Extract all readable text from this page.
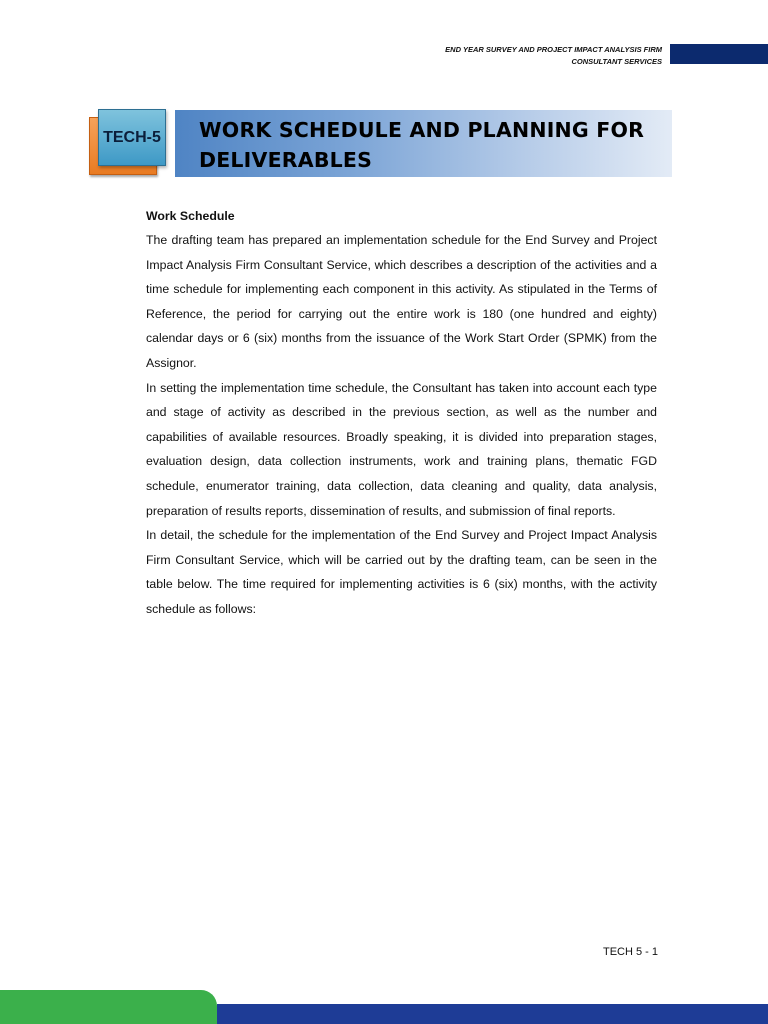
END YEAR SURVEY AND PROJECT IMPACT ANALYSIS FIRM
CONSULTANT SERVICES
TECH-5 WORK SCHEDULE AND PLANNING FOR DELIVERABLES
Work Schedule

The drafting team has prepared an implementation schedule for the End Survey and Project Impact Analysis Firm Consultant Service, which describes a description of the activities and a time schedule for implementing each component in this activity. As stipulated in the Terms of Reference, the period for carrying out the entire work is 180 (one hundred and eighty) calendar days or 6 (six) months from the issuance of the Work Start Order (SPMK) from the Assignor.

In setting the implementation time schedule, the Consultant has taken into account each type and stage of activity as described in the previous section, as well as the number and capabilities of available resources. Broadly speaking, it is divided into preparation stages, evaluation design, data collection instruments, work and training plans, thematic FGD schedule, enumerator training, data collection, data cleaning and quality, data analysis, preparation of results reports, dissemination of results, and submission of final reports.

In detail, the schedule for the implementation of the End Survey and Project Impact Analysis Firm Consultant Service, which will be carried out by the drafting team, can be seen in the table below. The time required for implementing activities is 6 (six) months, with the activity schedule as follows:

TECH 5 - 1
